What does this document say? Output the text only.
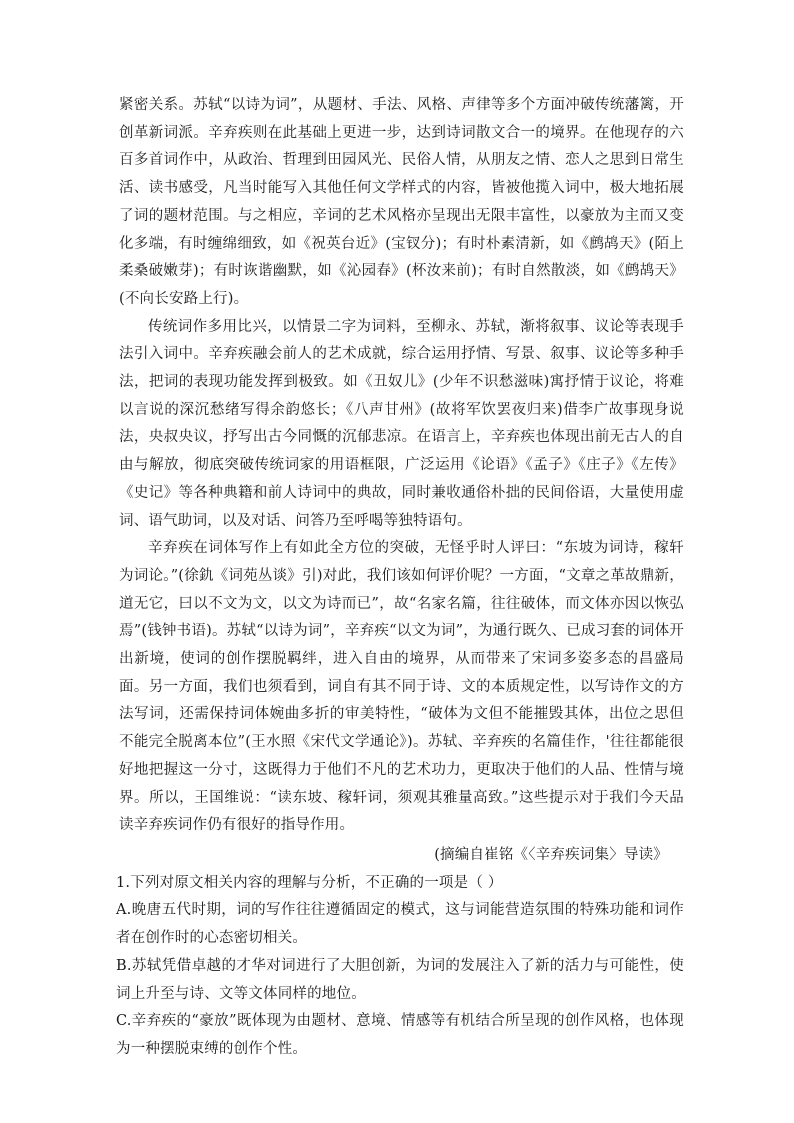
紧密关系。苏轼“以诗为词”，从题材、手法、风格、声律等多个方面冲破传统藩篱，开创革新词派。辛弃疾则在此基础上更进一步，达到诗词散文合一的境界。在他现存的六百多首词作中，从政治、哲理到田园风光、民俗人情，从朋友之情、恋人之思到日常生活、读书感受，凡当时能写入其他任何文学样式的内容，皆被他揽入词中，极大地拓展了词的题材范围。与之相应，辛词的艺术风格亦呈现出无限丰富性，以豪放为主而又变化多端，有时缠绵细致，如《祝英台近》(宝钗分)；有时朴素清新，如《鹧鸪天》(陌上柔桑破嫩芽)；有时诙谐幽默，如《沁园春》(杯汝来前)；有时自然散淡，如《鹧鸪天》(不向长安路上行)。

传统词作多用比兴，以情景二字为词料，至柳永、苏轼，渐将叙事、议论等表现手法引入词中。辛弃疾融会前人的艺术成就，综合运用抒情、写景、叙事、议论等多种手法，把词的表现功能发挥到极致。如《丑奴儿》(少年不识愁滋味)寓抒情于议论，将难以言说的深沉愁绪写得余韵悠长；《八声甘州》(故将军饮罢夜归来)借李广故事现身说法，央叔央议，抒写出古今同慨的沉郁悲凉。在语言上，辛弃疾也体现出前无古人的自由与解放，彻底突破传统词家的用语框限，广泛运用《论语》《孟子》《庄子》《左传》《史记》等各种典籍和前人诗词中的典故，同时兼收通俗朴拙的民间俗语，大量使用虚词、语气助词，以及对话、问答乃至呼喝等独特语句。

辛弃疾在词体写作上有如此全方位的突破，无怪乎时人评曰：“东坡为词诗，稼轩为词论。”(徐釚《词苑丛谈》引)对此，我们该如何评价呢？一方面，“文章之革故鼎新，道无它，曰以不文为文，以文为诗而已”，故“名家名篇，往往破体，而文体亦因以恢弘焉”(钱钟书语)。苏轼“以诗为词”，辛弃疾“以文为词”，为通行既久、已成习套的词体开出新境，使词的创作摆脱羁绊，进入自由的境界，从而带来了宋词多姿多态的昌盛局面。另一方面，我们也须看到，词自有其不同于诗、文的本质规定性，以写诗作文的方法写词，还需保持词体婉曲多折的审美特性，“破体为文但不能摧毁其体，出位之思但不能完全脱离本位”(王水照《宋代文学通论》)。苏轼、辛弃疾的名篇佳作，'往往都能很好地把握这一分寸，这既得力于他们不凡的艺术功力，更取决于他们的人品、性情与境界。所以，王国维说：“读东坡、稼轩词，须观其雅量高致。”这些提示对于我们今天品读辛弃疾词作仍有很好的指导作用。

(摘编自崔铭《〈辛弃疾词集〉导读》

1.下列对原文相关内容的理解与分析，不正确的一项是（ ）

A.晚唐五代时期，词的写作往往遵循固定的模式，这与词能营造氛围的特殊功能和词作者在创作时的心态密切相关。

B.苏轼凭借卓越的才华对词进行了大胆创新，为词的发展注入了新的活力与可能性，使词上升至与诗、文等文体同样的地位。

C.辛弃疾的“豪放”既体现为由题材、意境、情感等有机结合所呈现的创作风格，也体现为一种摆脱束缚的创作个性。
